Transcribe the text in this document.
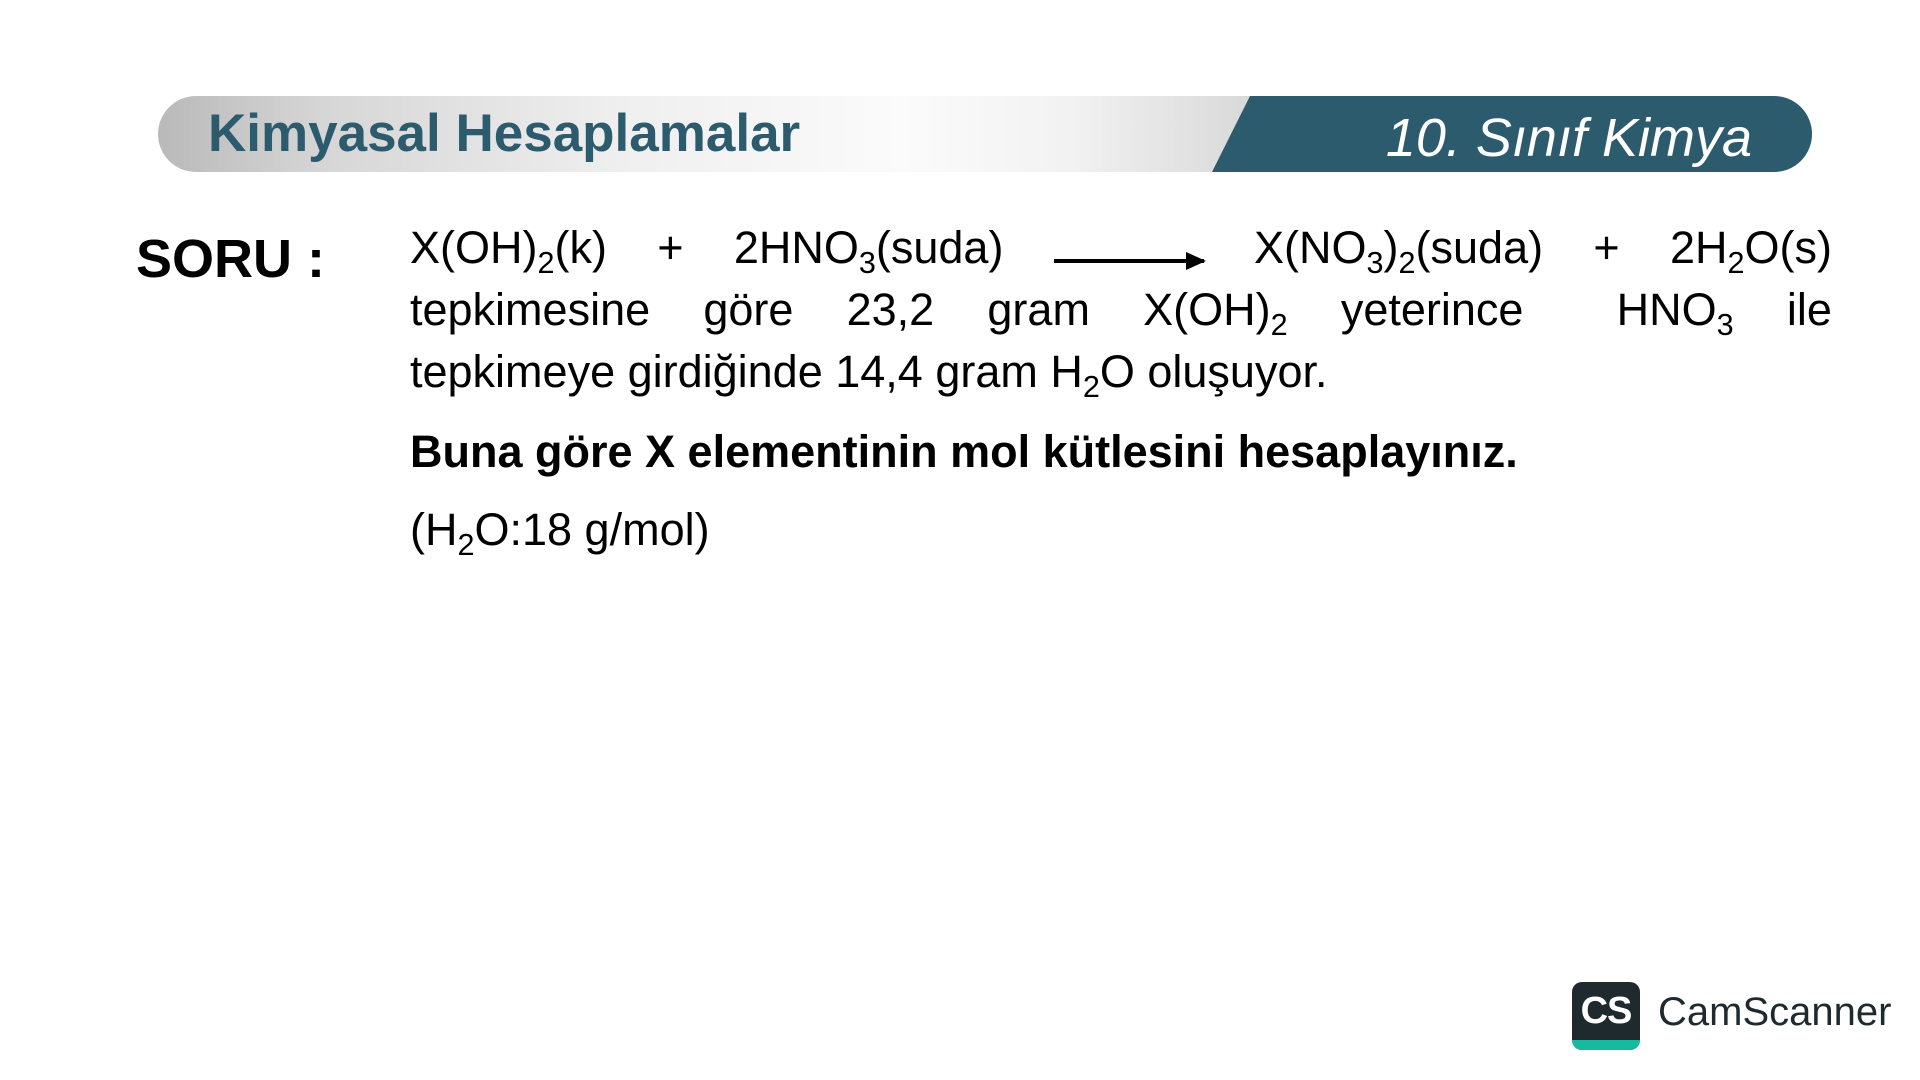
Kimyasal Hesaplamalar	10. Sınıf Kimya
SORU : $X(OH)_2(k)$ + $2HNO_3(suda)$ → $X(NO_3)_2(suda) + 2H_2O(s)$
tepkimesine göre 23,2 gram $X(OH)_2$ yeterince $HNO_3$ ile
tepkimeye girdiğinde 14,4 gram $H_2O$ oluşuyor.
Buna göre X elementinin mol kütlesini hesaplayınız.
($H_2O:18$ g/mol)
CS CamScanner
